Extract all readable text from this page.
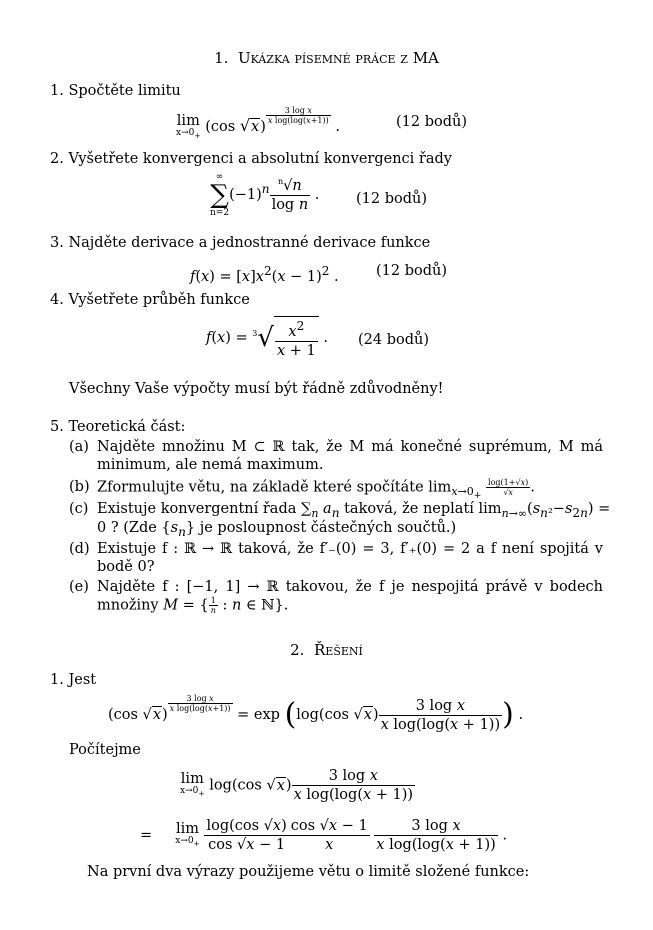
1. Ukázka písemné práce z MA
1. Spočtěte limitu
lim
$x\to 0_+$ (cos √x)
$^{\frac{\text{3 log x}}{\text{x log(log(x+1))}}}$
.	(12 bodů)
2. Vyšetřete konvergenci a absolutní konvergenci řady
∞
∑
n=2
$(-1)^n \frac{^n√n}{\text{log n}}$ .	(12 bodů)
3. Najděte derivace a jednostranné derivace funkce
$f(x) = [x]x^2(x - 1)^2$ .	(12 bodů)
4. Vyšetřete průběh funkce
$f(x) = ^3√ \frac{x^2}{x + 1}$ . (24 bodů)
Všechny Vaše výpočty musí být řádně zdůvodněny!
5. Teoretická část:
(a) Najděte množinu M ⊂ ℝ tak, že M má konečné suprémum, M má minimum, ale nemá maximum.
(b) Zformulujte větu, na základě které spočítáte $\lim_{x\to 0_+} \frac{\log(1+√x)}{√x}$ .
(c) Existuje konvergentní řada $\sum_n$ $a_n$ taková, že neplatí $\lim_{n\to\infty}(s_{n^2}-s_{2n})$ =
0 ? (Zde $\{s_n\}$ je posloupnost částečných součtů.)
(d) Existuje f : ℝ → ℝ taková, že f′₋(0) = 3, f′₊(0) = 2 a f není spojitá v bodě 0?
(e) Najděte f : [−1, 1] → ℝ takovou, že f je nespojitá právě v bodech množiny M = { $\frac{1}{n}$ : n ∈ ℕ}.
2. Řešení
1. Jest
(cos √x)
$^{\frac{\text{3 log x}}{\text{x log(log(x+1))}}}$
= exp (log(cos $√x) \frac{\text{3 log x}}{\text{x log(log(x + 1))}}$ ) .
Počítejme
lim
$x\to 0_+$ log(cos $√x) \frac{\text{3 log x}}{\text{x log(log(x + 1))}}$
=     lim
$x\to 0_+$
$\frac{\log(\cos √x)}{\cos √x - 1} \frac{\cos √x - 1}{x}$
$\frac{\text{3 log x}}{\text{x log(log(x + 1))}}$ .
Na první dva výrazy použijeme větu o limitě složené funkce:
